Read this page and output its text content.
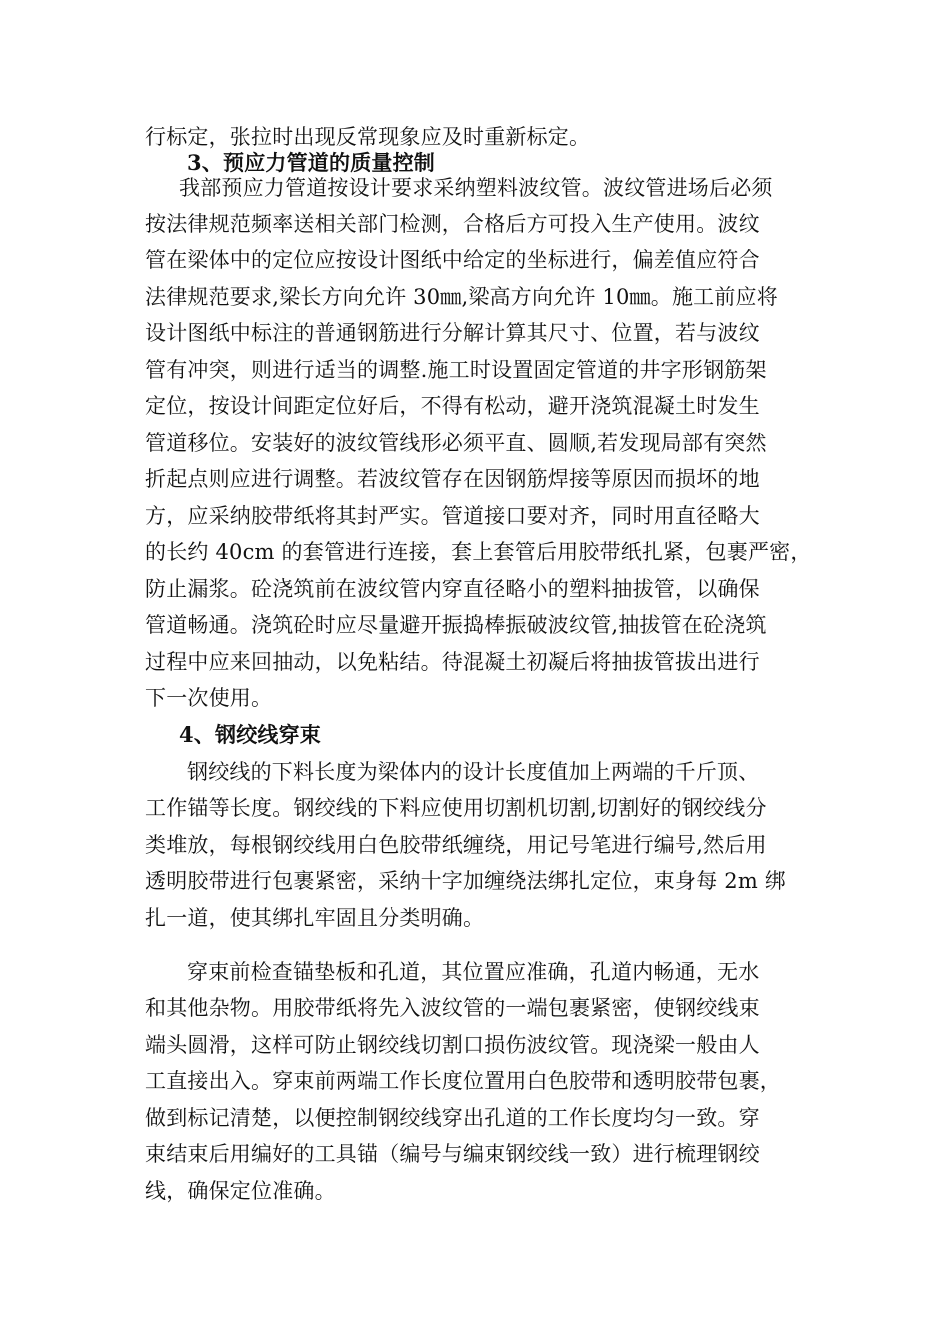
行标定，张拉时出现反常现象应及时重新标定。
3、预应力管道的质量控制
我部预应力管道按设计要求采纳塑料波纹管。波纹管进场后必须
按法律规范频率送相关部门检测，合格后方可投入生产使用。波纹
管在梁体中的定位应按设计图纸中给定的坐标进行，偏差值应符合
法律规范要求,梁长方向允许 30㎜,梁高方向允许 10㎜。施工前应将
设计图纸中标注的普通钢筋进行分解计算其尺寸、位置，若与波纹
管有冲突，则进行适当的调整.施工时设置固定管道的井字形钢筋架
定位，按设计间距定位好后，不得有松动，避开浇筑混凝土时发生
管道移位。安装好的波纹管线形必须平直、圆顺,若发现局部有突然
折起点则应进行调整。若波纹管存在因钢筋焊接等原因而损坏的地
方，应采纳胶带纸将其封严实。管道接口要对齐，同时用直径略大
的长约 40cm 的套管进行连接，套上套管后用胶带纸扎紧，包裹严密，
防止漏浆。砼浇筑前在波纹管内穿直径略小的塑料抽拔管，以确保
管道畅通。浇筑砼时应尽量避开振捣棒振破波纹管,抽拔管在砼浇筑
过程中应来回抽动，以免粘结。待混凝土初凝后将抽拔管拔出进行
下一次使用。
4、钢绞线穿束
钢绞线的下料长度为梁体内的设计长度值加上两端的千斤顶、
工作锚等长度。钢绞线的下料应使用切割机切割,切割好的钢绞线分
类堆放，每根钢绞线用白色胶带纸缠绕，用记号笔进行编号,然后用
透明胶带进行包裹紧密，采纳十字加缠绕法绑扎定位，束身每 2m 绑
扎一道，使其绑扎牢固且分类明确。
穿束前检查锚垫板和孔道，其位置应准确，孔道内畅通，无水
和其他杂物。用胶带纸将先入波纹管的一端包裹紧密，使钢绞线束
端头圆滑，这样可防止钢绞线切割口损伤波纹管。现浇梁一般由人
工直接出入。穿束前两端工作长度位置用白色胶带和透明胶带包裹，
做到标记清楚，以便控制钢绞线穿出孔道的工作长度均匀一致。穿
束结束后用编好的工具锚（编号与编束钢绞线一致）进行梳理钢绞
线，确保定位准确。
